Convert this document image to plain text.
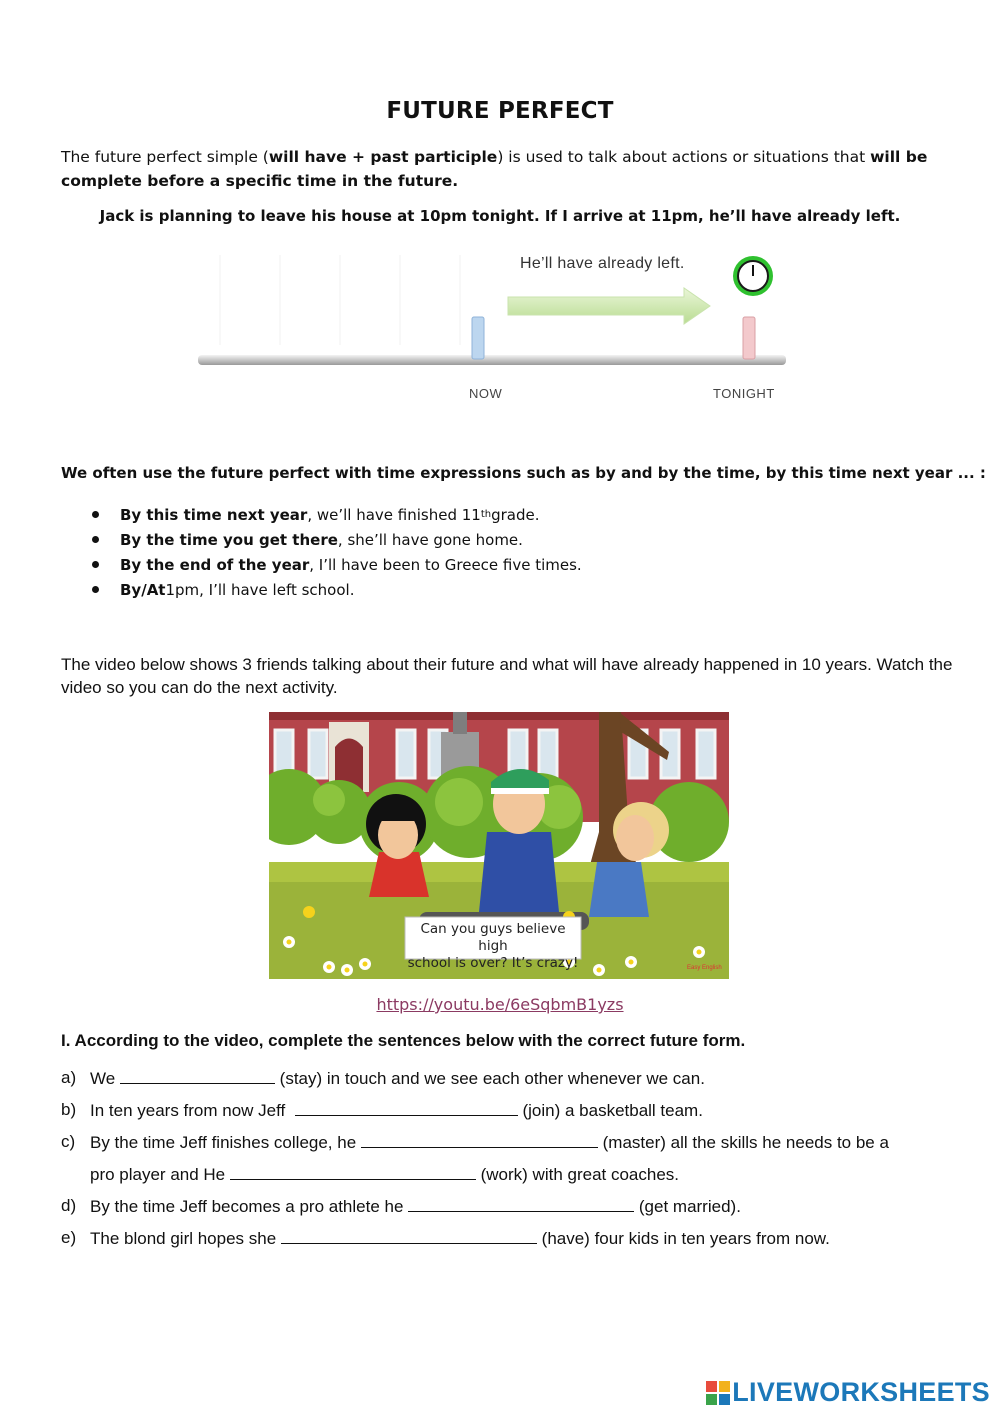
FUTURE PERFECT
The future perfect simple (will have + past participle) is used to talk about actions or situations that will be complete before a specific time in the future.
Jack is planning to leave his house at 10pm tonight. If I arrive at 11pm, he’ll have already left.
He’ll have already left.
NOW	TONIGHT
We often use the future perfect with time expressions such as by and by the time, by this time next year ... :
By this time next year , we’ll have finished 11 th grade.
By the time you get there , she’ll have gone home.
By the end of the year , I’ll have been to Greece five times.
By/At 1pm, I’ll have left school.
The video below shows 3 friends talking about their future and what will have already happened in 10 years. Watch the video so you can do the next activity.
Can you guys believe high
school is over? It’s crazy!	Easy English
https://youtu.be/6eSqbmB1yzs
I. According to the video, complete the sentences below with the correct future form.
a) We	(stay) in touch and we see each other whenever we can.
b) In ten years from now Jeff	(join) a basketball team.
c) By the time Jeff finishes college, he	(master) all the skills he needs to be a
pro player and He	(work) with great coaches.
d) By the time Jeff becomes a pro athlete he	(get married).
e) The blond girl hopes she	(have) four kids in ten years from now.
LIVEWORKSHEETS
